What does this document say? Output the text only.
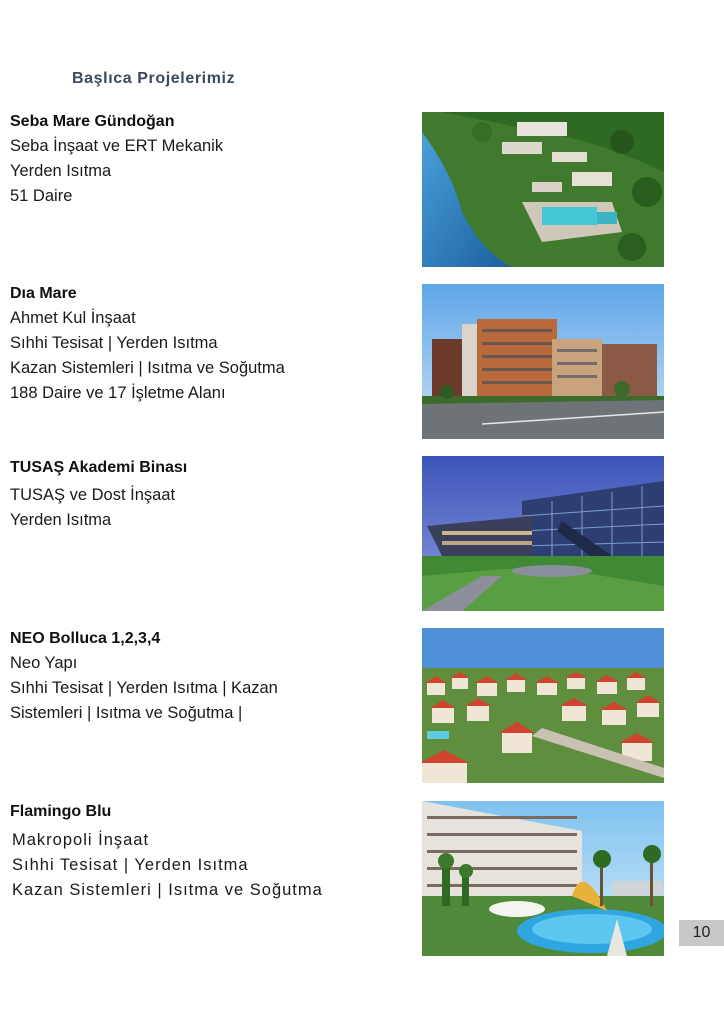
Başlıca Projelerimiz
Seba Mare Gündoğan
Seba İnşaat ve ERT Mekanik
Yerden Isıtma
51 Daire
Dıa Mare
Ahmet Kul İnşaat
Sıhhi Tesisat | Yerden Isıtma
Kazan Sistemleri | Isıtma ve Soğutma
188 Daire ve 17 İşletme Alanı
TUSAŞ Akademi Binası
TUSAŞ ve Dost İnşaat
Yerden Isıtma
NEO Bolluca 1,2,3,4
Neo Yapı
Sıhhi Tesisat | Yerden Isıtma | Kazan
Sistemleri | Isıtma ve Soğutma |
Flamingo Blu
Makropoli İnşaat
Sıhhi Tesisat | Yerden Isıtma
Kazan Sistemleri | Isıtma ve Soğutma
10
